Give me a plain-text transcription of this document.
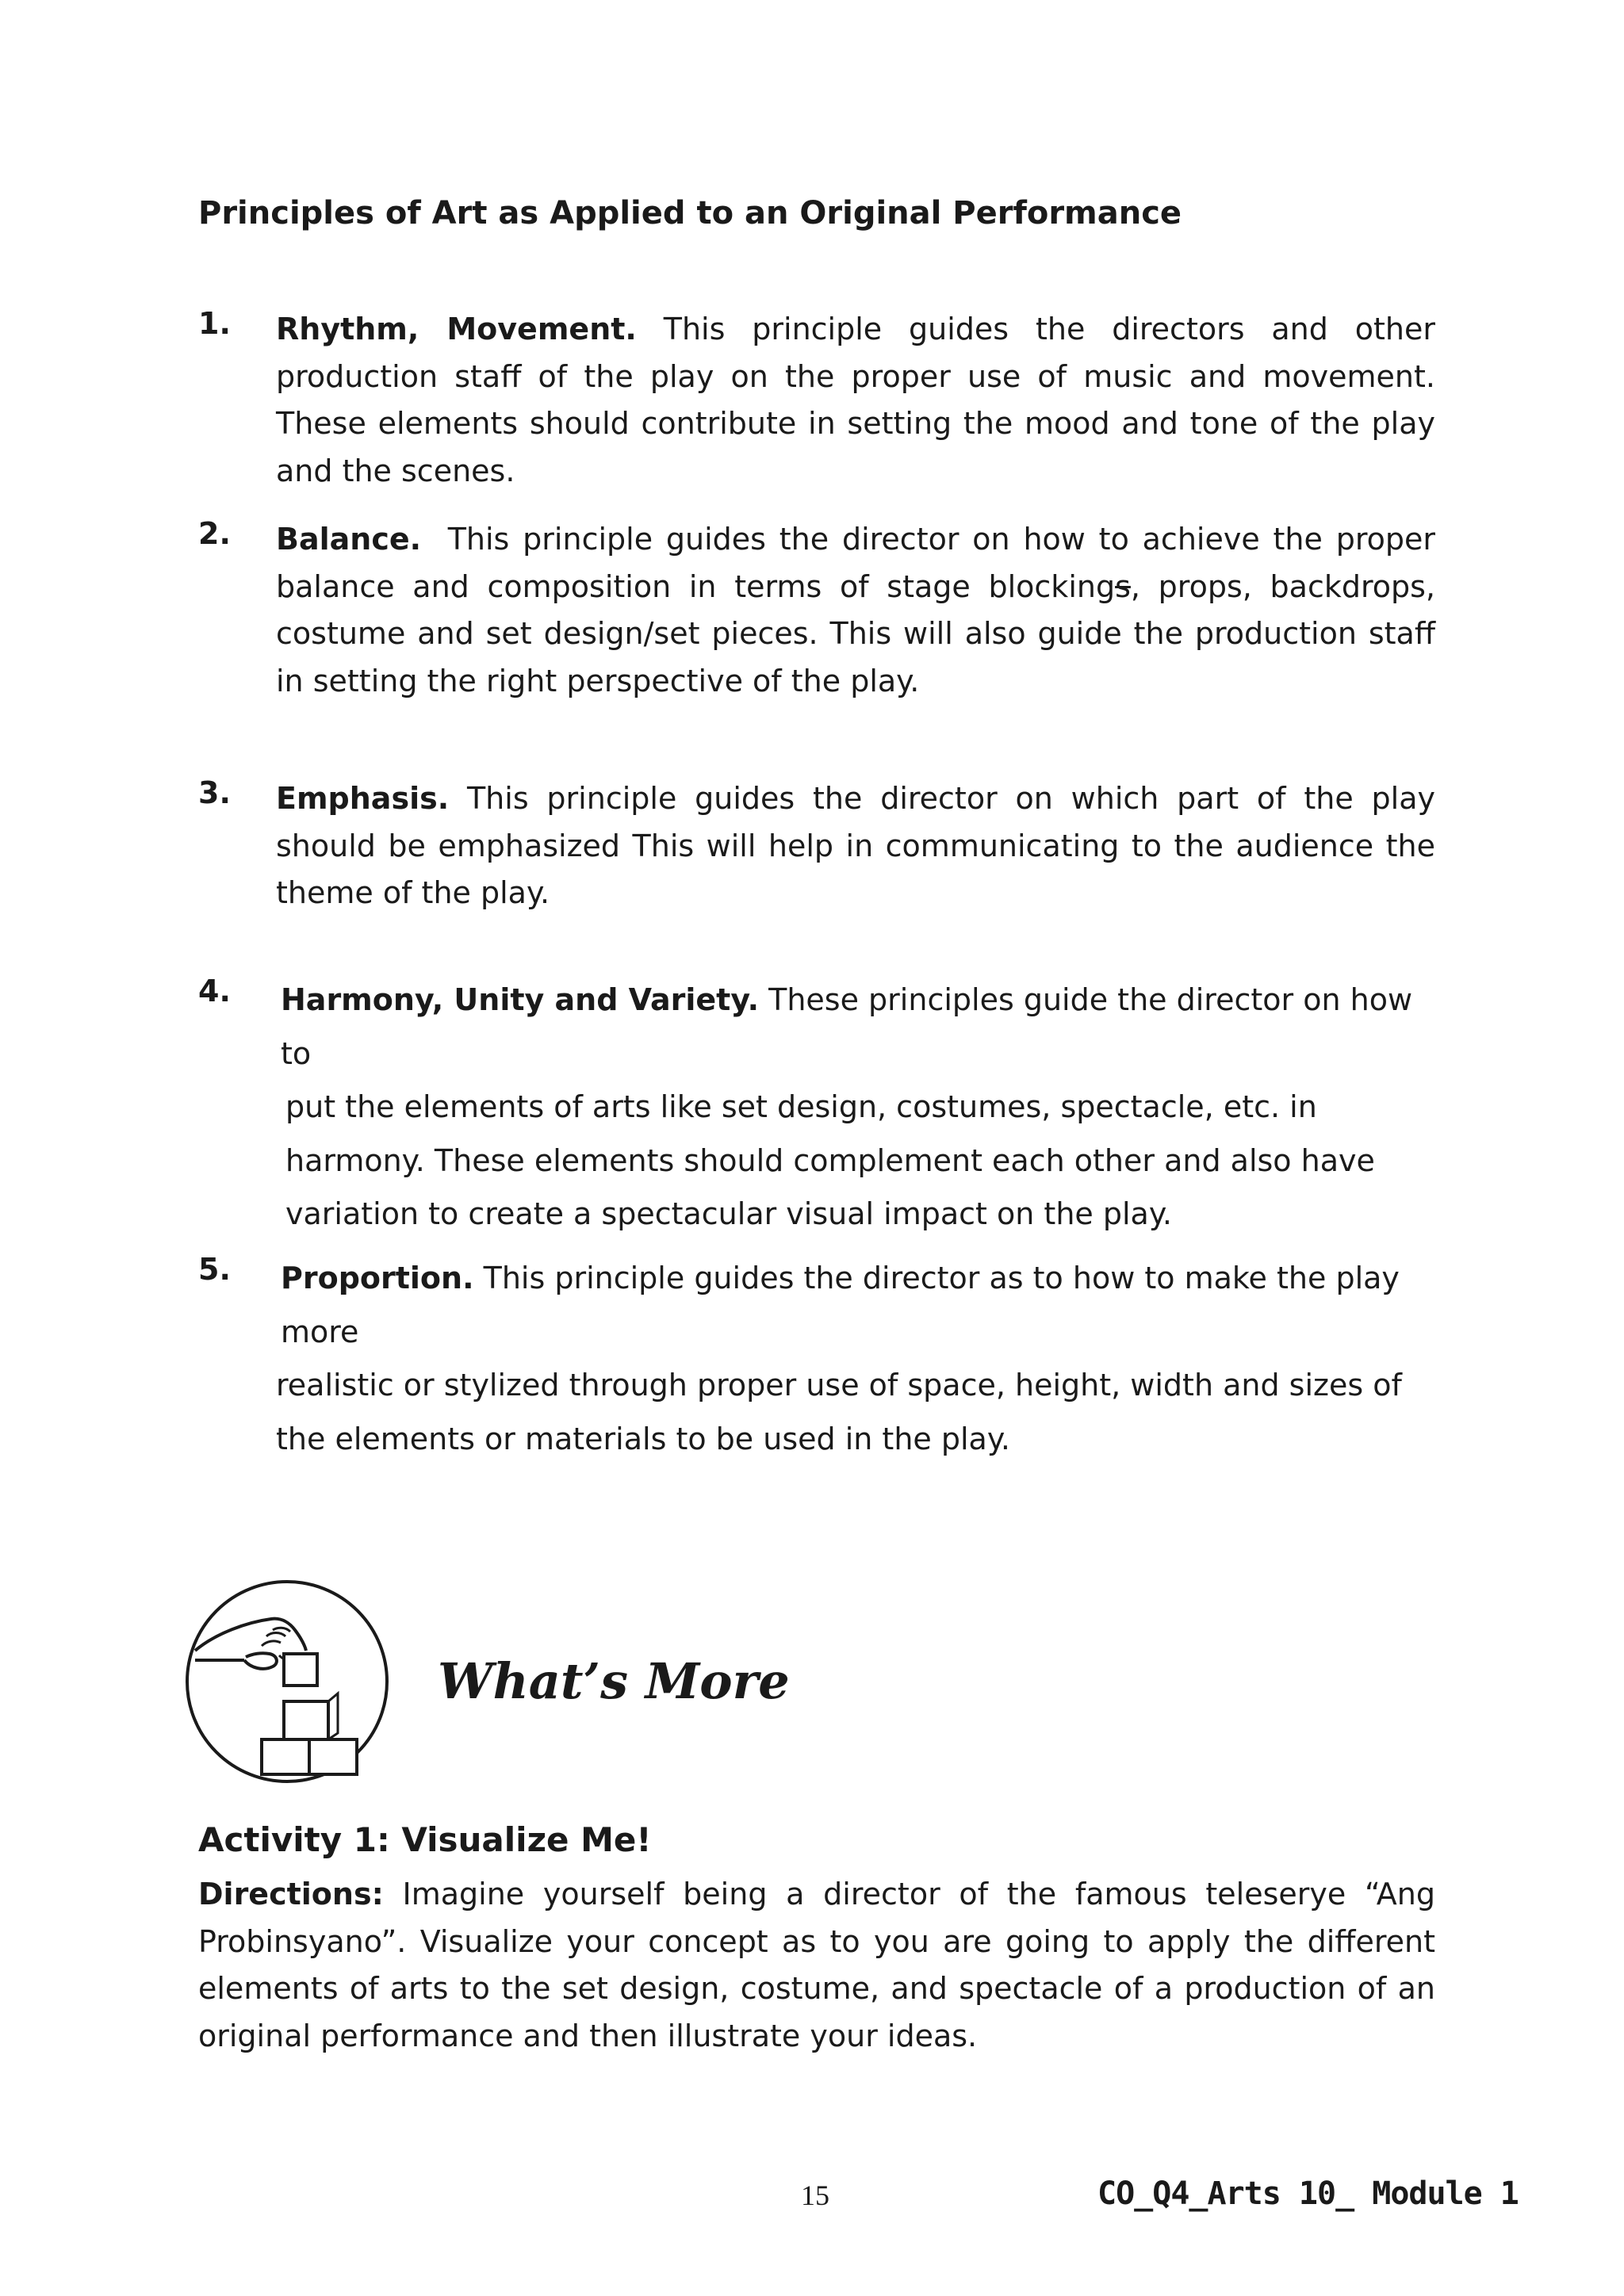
Principles of Art as Applied to an Original Performance
1. Rhythm, Movement. This principle guides the directors and other production staff of the play on the proper use of music and movement. These elements should contribute in setting the mood and tone of the play and the scenes.
2. Balance.  This principle guides the director on how to achieve the proper balance and composition in terms of stage blockings, props, backdrops, costume and set design/set pieces. This will also guide the production staff in setting the right perspective of the play.
3. Emphasis. This principle guides the director on which part of the play should be emphasized This will help in communicating to the audience the theme of the play.
4. Harmony, Unity and Variety. These principles guide the director on how to
put the elements of arts like set design, costumes, spectacle, etc. in harmony. These elements should complement each other and also have variation to create a spectacular visual impact on the play.
5. Proportion. This principle guides the director as to how to make the play more
realistic or stylized through proper use of space, height, width and sizes of the elements or materials to be used in the play.
What’s More
Activity 1: Visualize Me!

Directions: Imagine yourself being a director of the famous teleserye “Ang Probinsyano”. Visualize your concept as to you are going to apply the different elements of arts to the set design, costume, and spectacle of a production of an original performance and then illustrate your ideas.

15	CO_Q4_Arts 10_ Module 1
